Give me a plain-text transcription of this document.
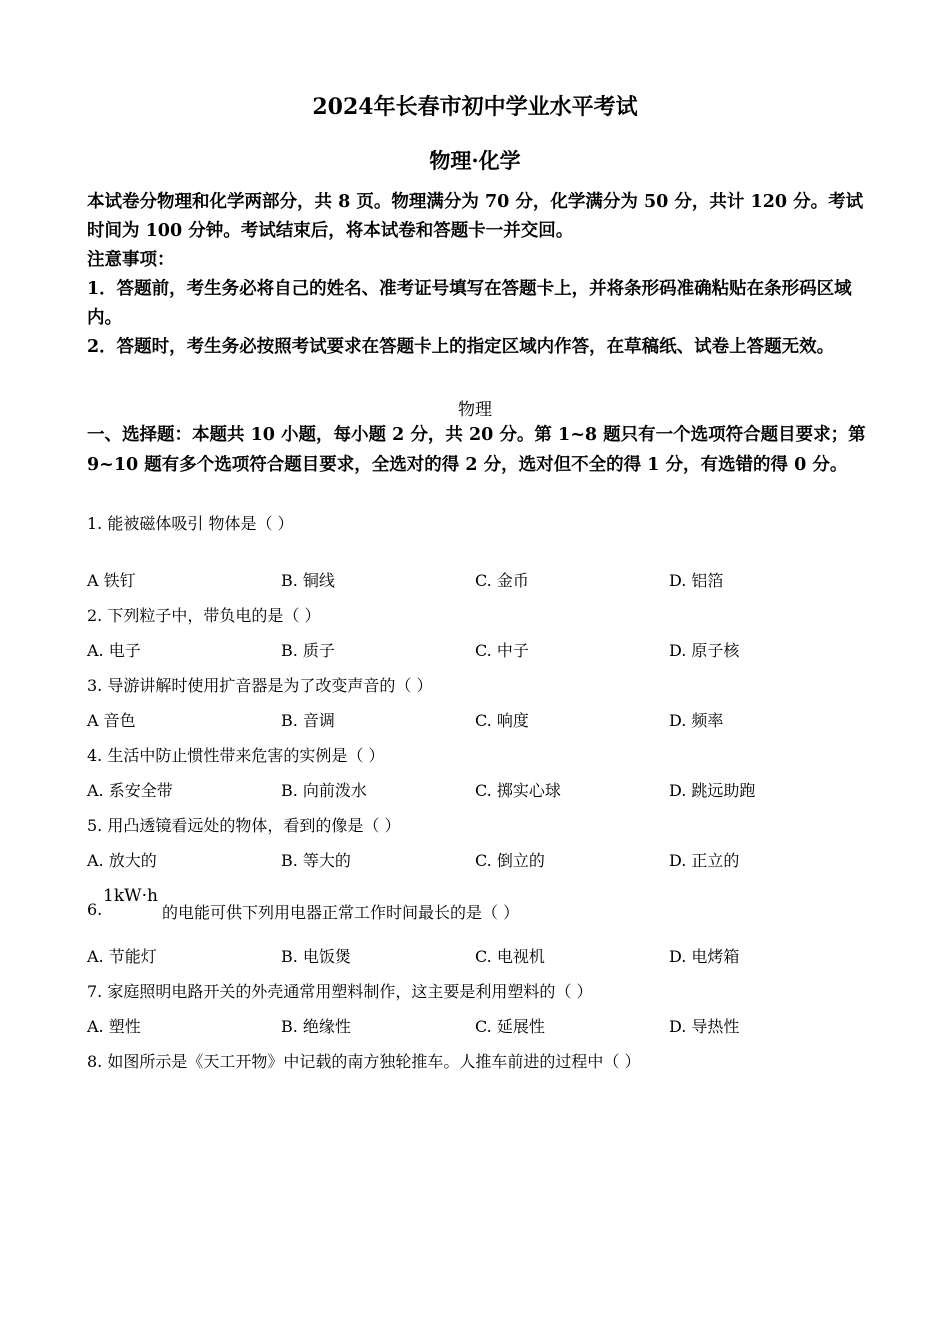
2024年长春市初中学业水平考试
物理·化学

本试卷分物理和化学两部分，共 8 页。物理满分为 70 分，化学满分为 50 分，共计 120 分。考试时间为 100 分钟。考试结束后，将本试卷和答题卡一并交回。

注意事项：

1．答题前，考生务必将自己的姓名、准考证号填写在答题卡上，并将条形码准确粘贴在条形码区域内。

2．答题时，考生务必按照考试要求在答题卡上的指定区域内作答，在草稿纸、试卷上答题无效。

物理

一、选择题：本题共 10 小题，每小题 2 分，共 20 分。第 1~8 题只有一个选项符合题目要求；第 9~10 题有多个选项符合题目要求，全选对的得 2 分，选对但不全的得 1 分，有选错的得 0 分。

1. 能被磁体吸引 物体是（ ）
A 铁钉	B. 铜线	C. 金币	D. 铝箔
2. 下列粒子中，带负电的是（ ）
A. 电子	B. 质子	C. 中子	D. 原子核
3. 导游讲解时使用扩音器是为了改变声音的（ ）
A 音色	B. 音调	C. 响度	D. 频率
4. 生活中防止惯性带来危害的实例是（ ）
A. 系安全带	B. 向前泼水	C. 掷实心球	D. 跳远助跑
5. 用凸透镜看远处的物体，看到的像是（ ）
A. 放大的	B. 等大的	C. 倒立的	D. 正立的
6.
1kW·h
的电能可供下列用电器正常工作时间最长的是（ ）
A. 节能灯	B. 电饭煲	C. 电视机	D. 电烤箱
7. 家庭照明电路开关的外壳通常用塑料制作，这主要是利用塑料的（ ）
A. 塑性	B. 绝缘性	C. 延展性	D. 导热性
8. 如图所示是《天工开物》中记载的南方独轮推车。人推车前进的过程中（ ）
